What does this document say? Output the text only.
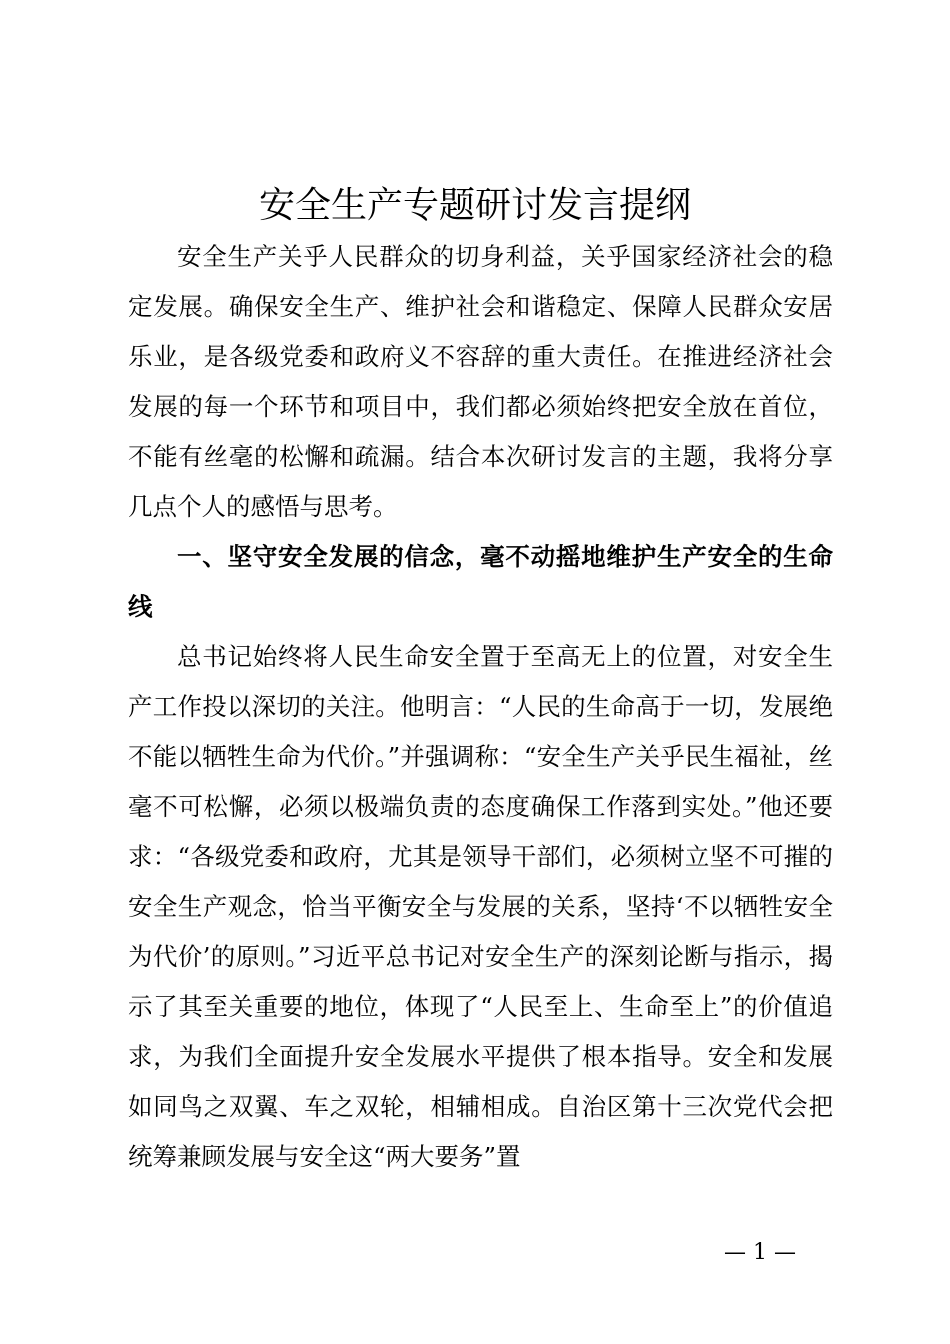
安全生产专题研讨发言提纲

安全生产关乎人民群众的切身利益，关乎国家经济社会的稳定发展。确保安全生产、维护社会和谐稳定、保障人民群众安居乐业，是各级党委和政府义不容辞的重大责任。在推进经济社会发展的每一个环节和项目中，我们都必须始终把安全放在首位，不能有丝毫的松懈和疏漏。结合本次研讨发言的主题，我将分享几点个人的感悟与思考。

一、坚守安全发展的信念，毫不动摇地维护生产安全的生命线

总书记始终将人民生命安全置于至高无上的位置，对安全生产工作投以深切的关注。他明言：“人民的生命高于一切，发展绝不能以牺牲生命为代价。”并强调称：“安全生产关乎民生福祉，丝毫不可松懈，必须以极端负责的态度确保工作落到实处。”他还要求：“各级党委和政府，尤其是领导干部们，必须树立坚不可摧的安全生产观念，恰当平衡安全与发展的关系，坚持‘不以牺牲安全为代价’的原则。”习近平总书记对安全生产的深刻论断与指示，揭示了其至关重要的地位，体现了“人民至上、生命至上”的价值追求，为我们全面提升安全发展水平提供了根本指导。安全和发展如同鸟之双翼、车之双轮，相辅相成。自治区第十三次党代会把统筹兼顾发展与安全这“两大要务”置

— 1 —
